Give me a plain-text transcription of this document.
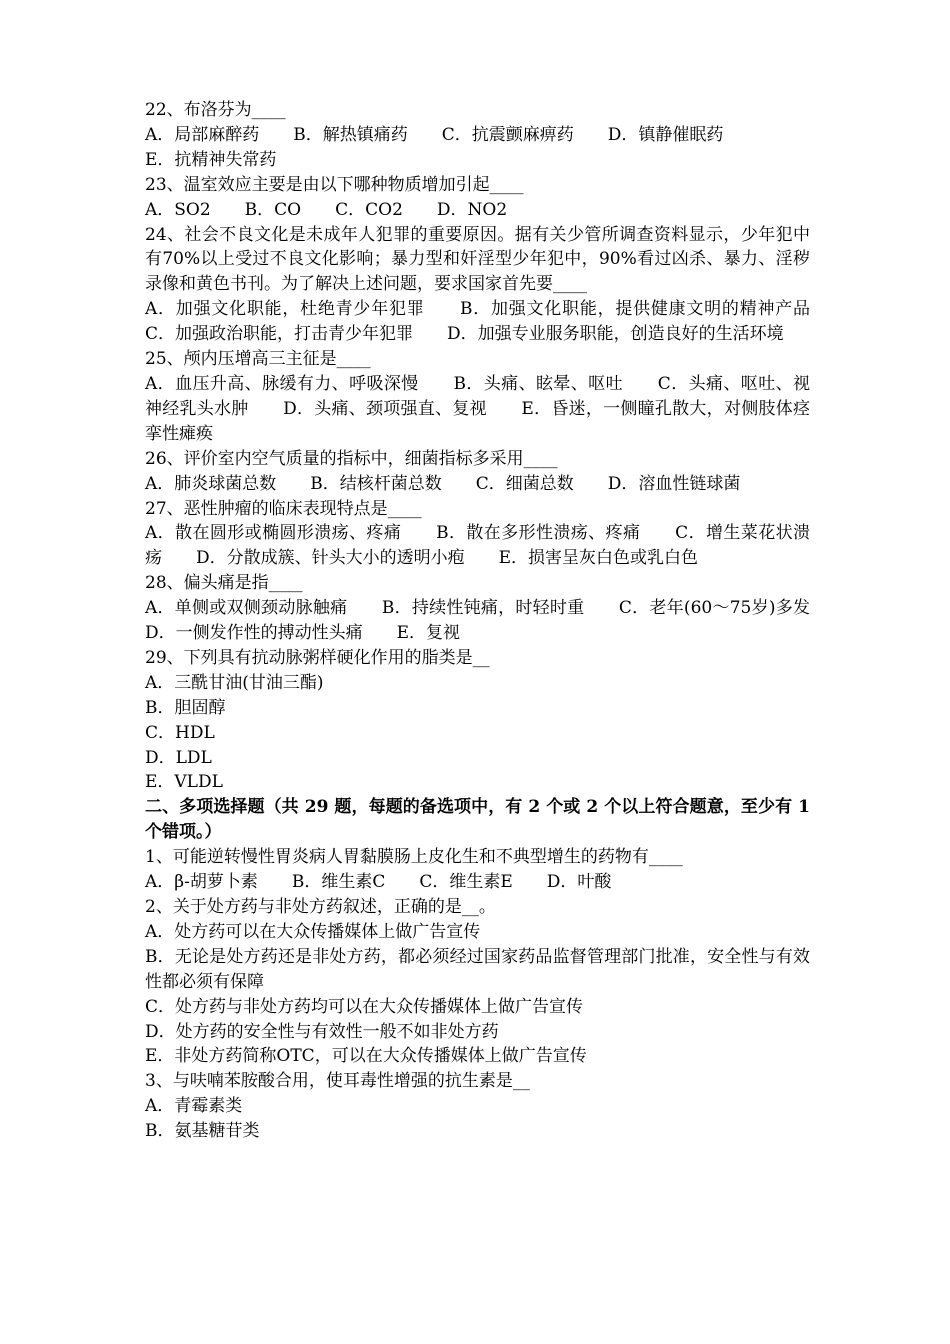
22、布洛芬为____
A．局部麻醉药　　B．解热镇痛药　　C．抗震颤麻痹药　　D．镇静催眠药
E．抗精神失常药
23、温室效应主要是由以下哪种物质增加引起____
A．SO2　　B．CO　　C．CO2　　D．NO2
24、社会不良文化是未成年人犯罪的重要原因。据有关少管所调查资料显示，少年犯中有70%以上受过不良文化影响；暴力型和奸淫型少年犯中，90%看过凶杀、暴力、淫秽录像和黄色书刊。为了解决上述问题，要求国家首先要____
A．加强文化职能，杜绝青少年犯罪　　B．加强文化职能，提供健康文明的精神产品　　C．加强政治职能，打击青少年犯罪　　D．加强专业服务职能，创造良好的生活环境
25、颅内压增高三主征是____
A．血压升高、脉缓有力、呼吸深慢　　B．头痛、眩晕、呕吐　　C．头痛、呕吐、视神经乳头水肿　　D．头痛、颈项强直、复视　　E．昏迷，一侧瞳孔散大，对侧肢体痉挛性瘫痪
26、评价室内空气质量的指标中，细菌指标多采用____
A．肺炎球菌总数　　B．结核杆菌总数　　C．细菌总数　　D．溶血性链球菌
27、恶性肿瘤的临床表现特点是____
A．散在圆形或椭圆形溃疡、疼痛　　B．散在多形性溃疡、疼痛　　C．增生菜花状溃疡　　D．分散成簇、针头大小的透明小疱　　E．损害呈灰白色或乳白色
28、偏头痛是指____
A．单侧或双侧颈动脉触痛　　B．持续性钝痛，时轻时重　　C．老年(60～75岁)多发　　D．一侧发作性的搏动性头痛　　E．复视
29、下列具有抗动脉粥样硬化作用的脂类是__
A．三酰甘油(甘油三酯)
B．胆固醇
C．HDL
D．LDL
E．VLDL
二、多项选择题（共 29 题，每题的备选项中，有 2 个或 2 个以上符合题意，至少有 1 个错项。）
1、可能逆转慢性胃炎病人胃黏膜肠上皮化生和不典型增生的药物有____
A．β-胡萝卜素　　B．维生素C　　C．维生素E　　D．叶酸
2、关于处方药与非处方药叙述，正确的是__。
A．处方药可以在大众传播媒体上做广告宣传
B．无论是处方药还是非处方药，都必须经过国家药品监督管理部门批准，安全性与有效性都必须有保障
C．处方药与非处方药均可以在大众传播媒体上做广告宣传
D．处方药的安全性与有效性一般不如非处方药
E．非处方药简称OTC，可以在大众传播媒体上做广告宣传
3、与呋喃苯胺酸合用，使耳毒性增强的抗生素是__
A．青霉素类
B．氨基糖苷类
